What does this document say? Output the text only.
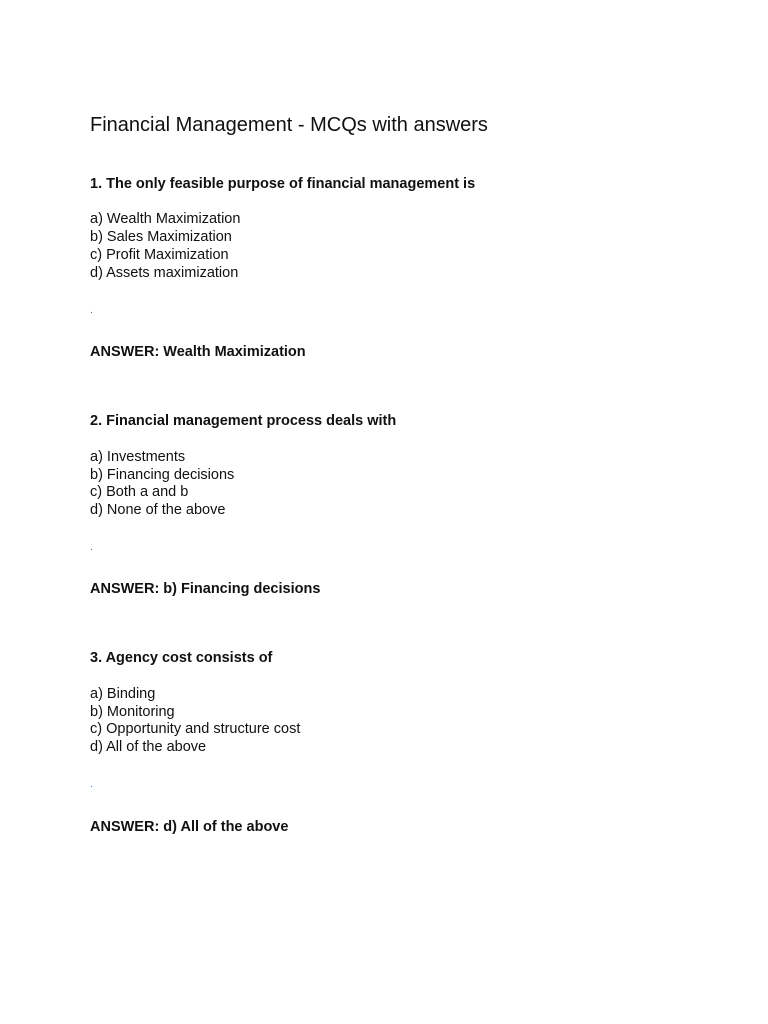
Financial Management - MCQs with answers
1. The only feasible purpose of financial management is
a) Wealth Maximization
b) Sales Maximization
c) Profit Maximization
d) Assets maximization
.
ANSWER: Wealth Maximization
2. Financial management process deals with
a) Investments
b) Financing decisions
c) Both a and b
d) None of the above
.
ANSWER: b) Financing decisions
3. Agency cost consists of
a) Binding
b) Monitoring
c) Opportunity and structure cost
d) All of the above
.
ANSWER: d) All of the above
